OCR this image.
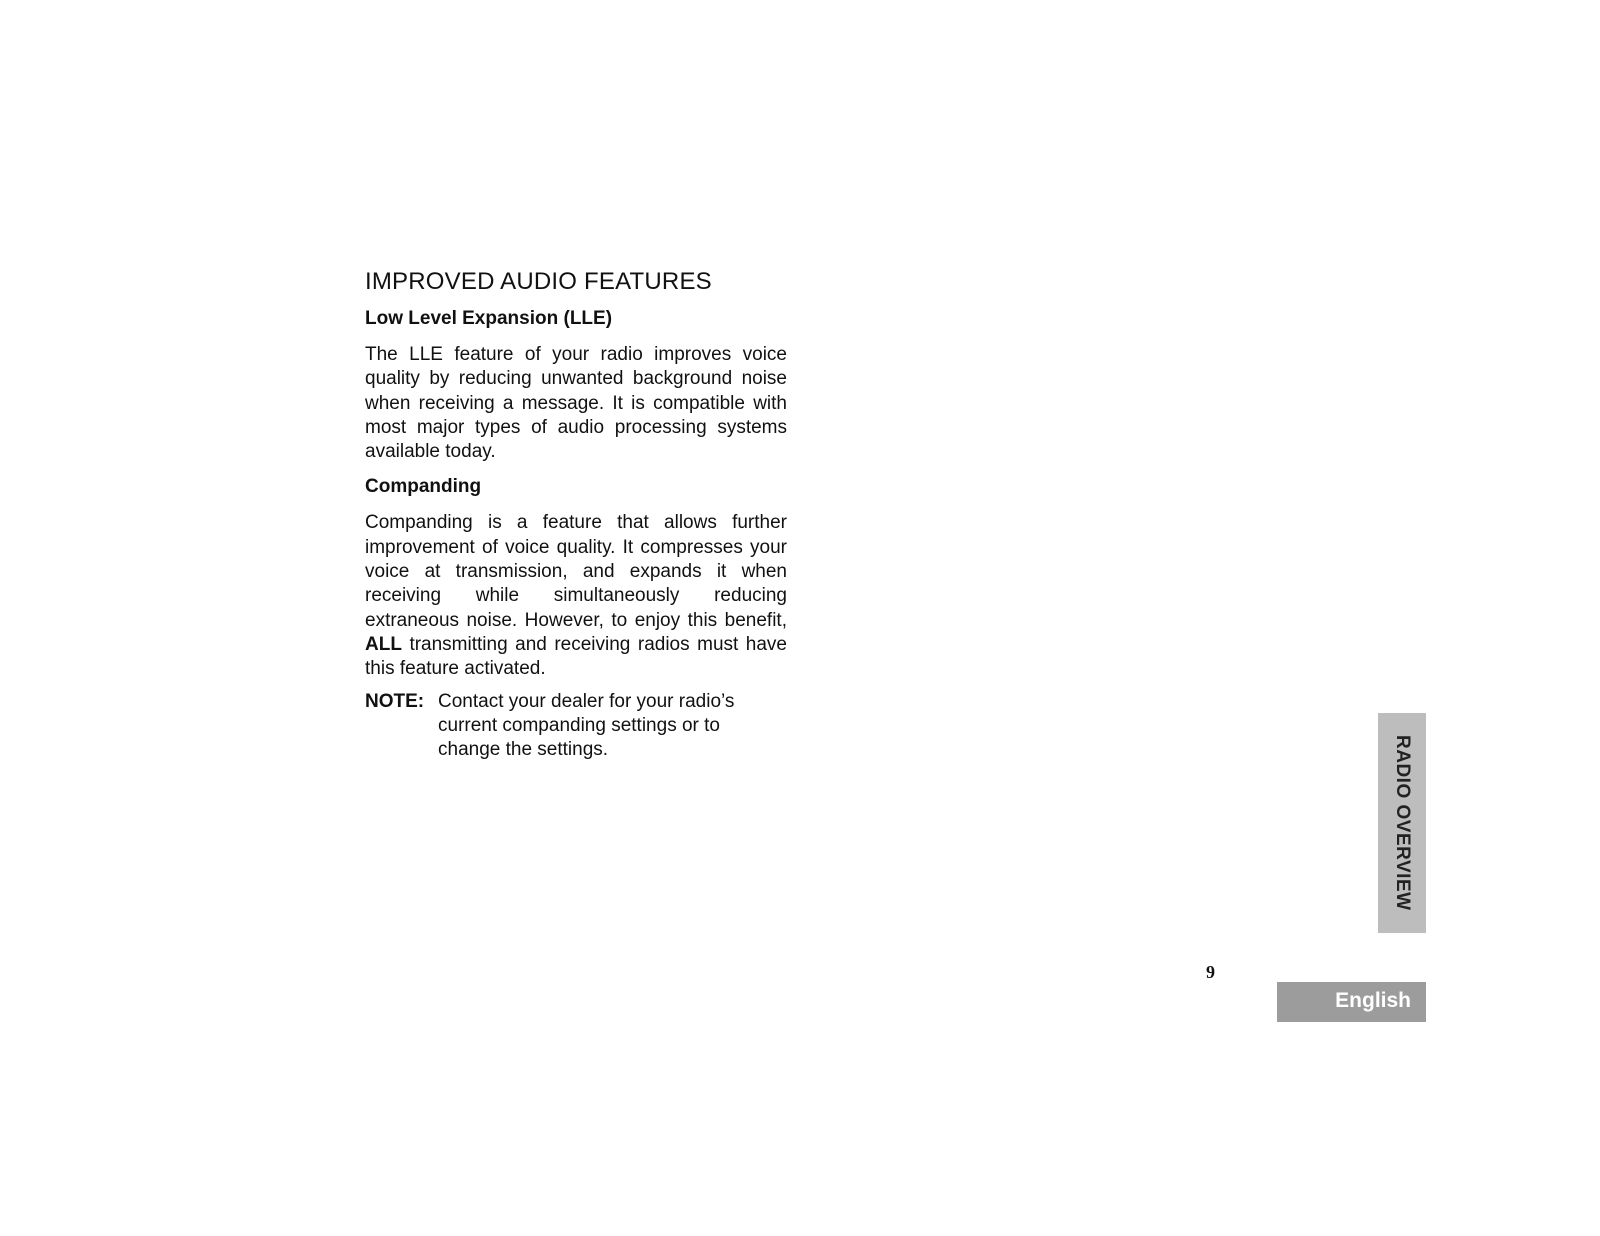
IMPROVED AUDIO FEATURES
Low Level Expansion (LLE)

The LLE feature of your radio improves voice quality by reducing unwanted background noise when receiving a message. It is compatible with most major types of audio processing systems available today.

Companding

Companding is a feature that allows further improvement of voice quality. It compresses your voice at transmission, and expands it when receiving while simultaneously reducing extraneous noise. However, to enjoy this benefit, ALL transmitting and receiving radios must have this feature activated.

NOTE: Contact your dealer for your radio’s current companding settings or to change the settings.	RADIO OVERVIEW
9
English
